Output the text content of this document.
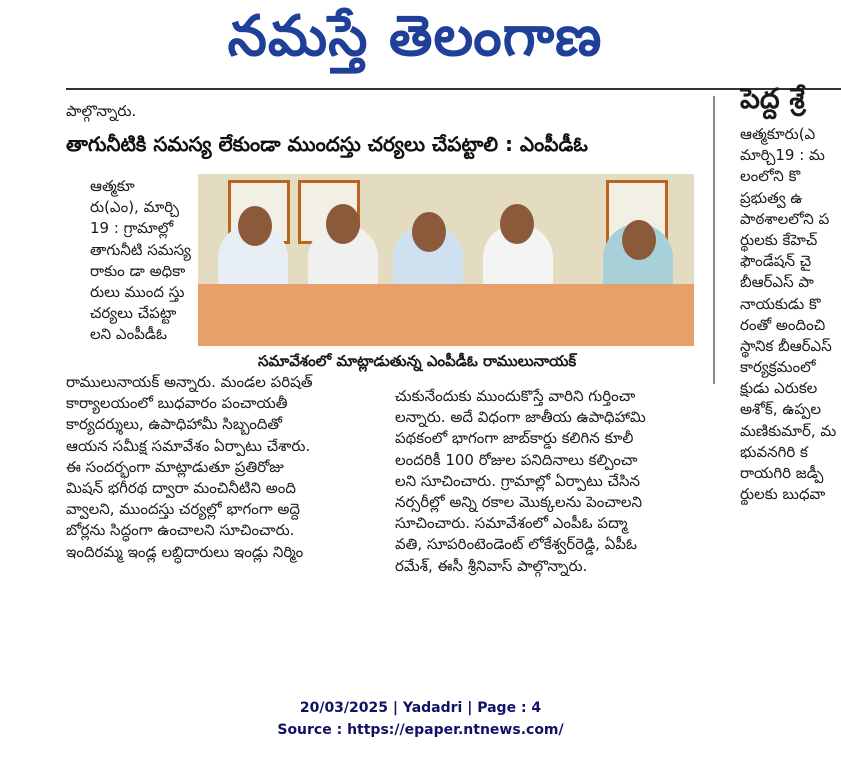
నమస్తే తెలంగాణ
పాల్గొన్నారు.
తాగునీటికి సమస్య లేకుండా ముందస్తు చర్యలు చేపట్టాలి : ఎంపీడీఓ
పెద్ద శ్రే
ఆత్మకూ
రు(ఎం), మార్చి
19 : గ్రామాల్లో
తాగునీటి సమస్య
రాకుం డా అధికా
రులు ముంద స్తు
చర్యలు చేపట్టా
లని ఎంపీడీఓ
సమావేశంలో మాట్లాడుతున్న ఎంపీడీఓ రాములునాయక్
రాములునాయక్ అన్నారు. మండల పరిషత్
కార్యాలయంలో బుధవారం పంచాయతీ
కార్యదర్శులు, ఉపాధిహామీ సిబ్బందితో
ఆయన సమీక్ష సమావేశం ఏర్పాటు చేశారు.
ఈ సందర్భంగా మాట్లాడుతూ ప్రతిరోజు
మిషన్ భగీరథ ద్వారా మంచినీటిని అంది
వ్వాలని, ముందస్తు చర్యల్లో భాగంగా అద్దె
బోర్లను సిద్ధంగా ఉంచాలని సూచించారు.
ఇందిరమ్మ ఇండ్ల లబ్ధిదారులు ఇండ్లు నిర్మిం
చుకునేందుకు ముందుకొస్తే వారిని గుర్తించా
లన్నారు. అదే విధంగా జాతీయ ఉపాధిహామి
పథకంలో భాగంగా జాబ్‌కార్డు కలిగిన కూలీ
లందరికీ 100 రోజుల పనిదినాలు కల్పించా
లని సూచించారు. గ్రామాల్లో ఏర్పాటు చేసిన
నర్సరీల్లో అన్ని రకాల మొక్కలను పెంచాలని
సూచించారు. సమావేశంలో ఎంపీఓ పద్మా
వతి, సూపరింటెండెంట్ లోకేశ్వర్‌రెడ్డి, ఏపీఓ
రమేశ్, ఈసీ శ్రీనివాస్ పాల్గొన్నారు.
ఆత్మకూరు(ఎ
మార్చి19 : మ
లంలోని కొ
ప్రభుత్వ ఉ
పాఠశాలలోని ప
ర్థులకు కేహెచ్
ఫౌండేషన్ చై
బీఆర్‌ఎస్ పా
నాయకుడు కొ
రంతో అందించి
స్థానిక బీఆర్‌ఎస్
కార్యక్రమంలో
క్షుడు ఎరుకల
అశోక్, ఉప్పల
మణికుమార్, మ
భువనగిరి క
రాయగిరి జడ్పీ
ర్థులకు బుధవా
20/03/2025 | Yadadri | Page : 4
Source : https://epaper.ntnews.com/
